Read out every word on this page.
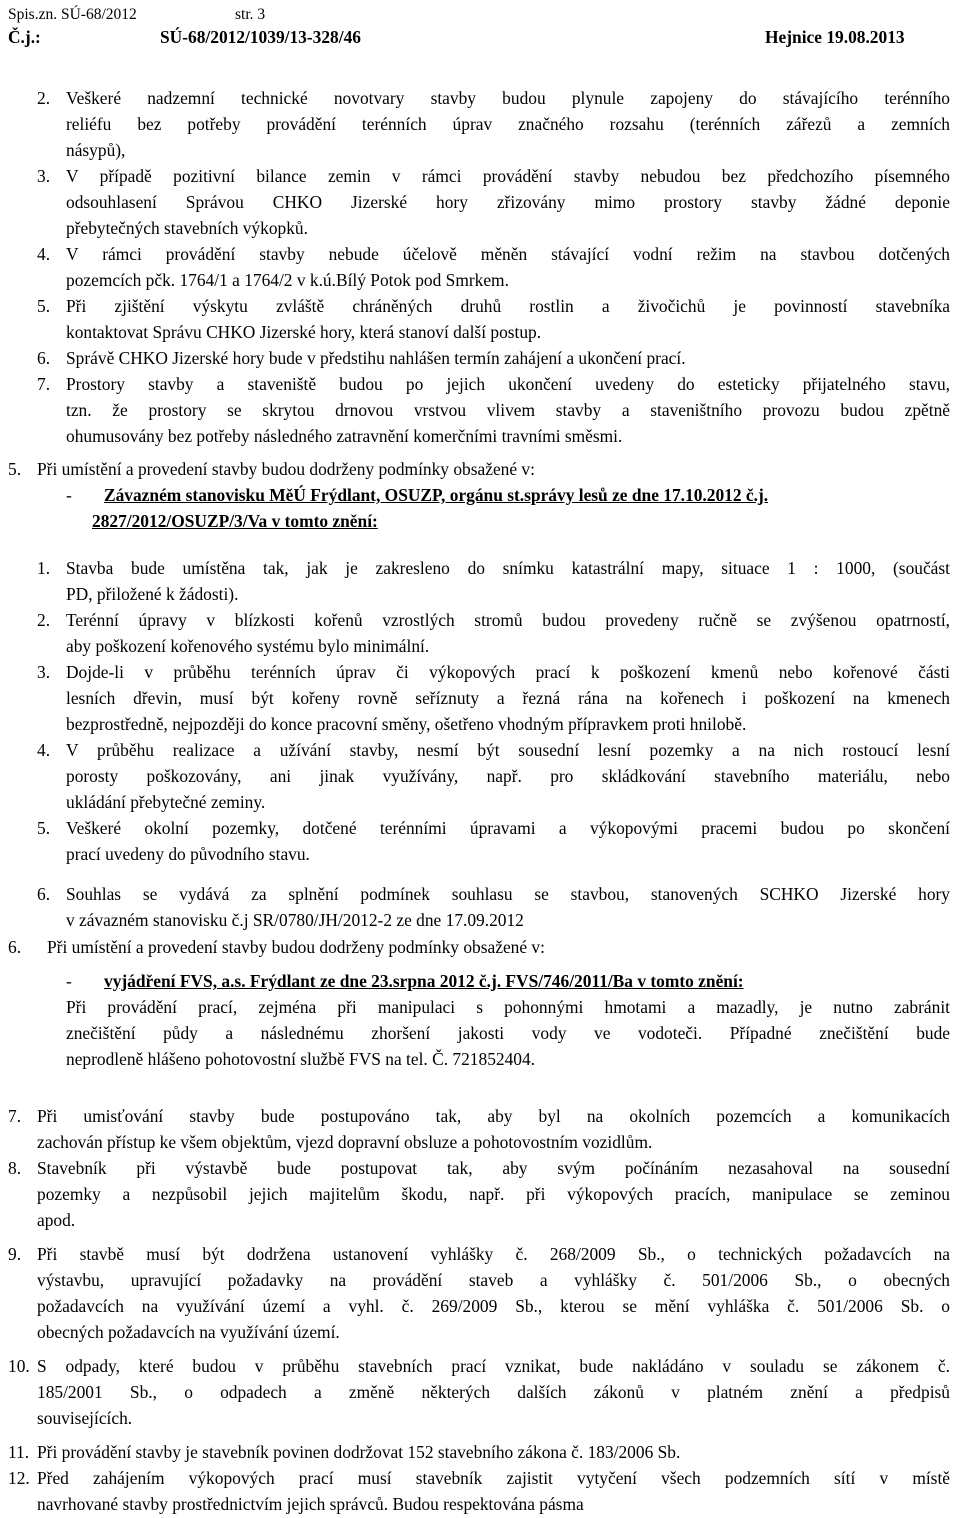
Spis.zn. SÚ-68/2012	str. 3
Č.j.:	SÚ-68/2012/1039/13-328/46	Hejnice 19.08.2013
2. Veškeré nadzemní technické novotvary stavby budou plynule zapojeny do stávajícího terénního
reliéfu bez potřeby provádění terénních úprav značného rozsahu (terénních zářezů a zemních
násypů),
3. V případě pozitivní bilance zemin v rámci provádění stavby nebudou bez předchozího písemného
odsouhlasení Správou CHKO Jizerské hory zřizovány mimo prostory stavby žádné deponie
přebytečných stavebních výkopků.
4. V rámci provádění stavby nebude účelově měněn stávající vodní režim na stavbou dotčených
pozemcích pčk. 1764/1 a 1764/2 v k.ú.Bílý Potok pod Smrkem.
5. Při zjištění výskytu zvláště chráněných druhů rostlin a živočichů je povinností stavebníka
kontaktovat Správu CHKO Jizerské hory, která stanoví další postup.
6. Správě CHKO Jizerské hory bude v předstihu nahlášen termín zahájení a ukončení prací.
7. Prostory stavby a staveniště budou po jejich ukončení uvedeny do esteticky přijatelného stavu,
tzn. že prostory se skrytou drnovou vrstvou vlivem stavby a staveništního provozu budou zpětně
ohumusovány bez potřeby následného zatravnění komerčními travními směsmi.
5. Při umístění a provedení stavby budou dodrženy podmínky obsažené v:
- Závazném stanovisku MěÚ Frýdlant, OSUZP, orgánu st.správy lesů ze dne 17.10.2012 č.j.
2827/2012/OSUZP/3/Va v tomto znění:
1. Stavba bude umístěna tak, jak je zakresleno do snímku katastrální mapy, situace 1 : 1000, (součást
PD, přiložené k žádosti).
2. Terénní úpravy v blízkosti kořenů vzrostlých stromů budou provedeny ručně se zvýšenou opatrností,
aby poškození kořenového systému bylo minimální.
3. Dojde-li v průběhu terénních úprav či výkopových prací k poškození kmenů nebo kořenové části
lesních dřevin, musí být kořeny rovně seříznuty a řezná rána na kořenech i poškození na kmenech
bezprostředně, nejpozději do konce pracovní směny, ošetřeno vhodným přípravkem proti hnilobě.
4. V průběhu realizace a užívání stavby, nesmí být sousední lesní pozemky a na nich rostoucí lesní
porosty poškozovány, ani jinak využívány, např. pro skládkování stavebního materiálu, nebo
ukládání přebytečné zeminy.
5. Veškeré okolní pozemky, dotčené terénními úpravami a výkopovými pracemi budou po skončení
prací uvedeny do původního stavu.
6. Souhlas se vydává za splnění podmínek souhlasu se stavbou, stanovených SCHKO Jizerské hory
v závazném stanovisku č.j SR/0780/JH/2012-2 ze dne 17.09.2012
6. Při umístění a provedení stavby budou dodrženy podmínky obsažené v:
- vyjádření FVS, a.s. Frýdlant ze dne 23.srpna 2012 č.j. FVS/746/2011/Ba v tomto znění:
Při provádění prací, zejména při manipulaci s pohonnými hmotami a mazadly, je nutno zabránit
znečištění půdy a následnému zhoršení jakosti vody ve vodoteči. Případné znečištění bude
neprodleně hlášeno pohotovostní službě FVS na tel. Č. 721852404.
7. Při umisťování stavby bude postupováno tak, aby byl na okolních pozemcích a komunikacích
zachován přístup ke všem objektům, vjezd dopravní obsluze a pohotovostním vozidlům.
8. Stavebník při výstavbě bude postupovat tak, aby svým počínáním nezasahoval na sousední
pozemky a nezpůsobil jejich majitelům škodu, např. při výkopových pracích, manipulace se zeminou
apod.
9. Při stavbě musí být dodržena ustanovení vyhlášky č. 268/2009 Sb., o technických požadavcích na
výstavbu, upravující požadavky na provádění staveb a vyhlášky č. 501/2006 Sb., o obecných
požadavcích na využívání území a vyhl. č. 269/2009 Sb., kterou se mění vyhláška č. 501/2006 Sb. o
obecných požadavcích na využívání území.
10. S odpady, které budou v průběhu stavebních prací vznikat, bude nakládáno v souladu se zákonem č.
185/2001 Sb., o odpadech a změně některých dalších zákonů v platném znění a předpisů
souvisejících.
11. Při provádění stavby je stavebník povinen dodržovat 152 stavebního zákona č. 183/2006 Sb.
12. Před zahájením výkopových prací musí stavebník zajistit vytyčení všech podzemních sítí v místě
navrhované stavby prostřednictvím jejich správců. Budou respektována pásma
